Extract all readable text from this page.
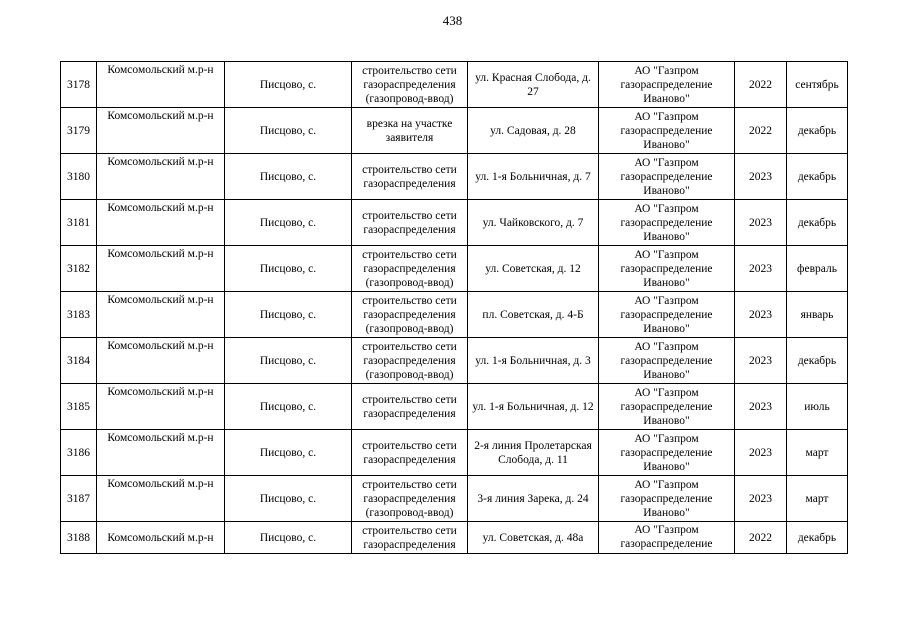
438
3178	Комсомольский м.р-н	Писцово, с.	строительство сети газораспределения (газопровод-ввод)	ул. Красная Слобода, д. 27	АО "Газпром газораспределение Иваново"	2022	сентябрь
3179	Комсомольский м.р-н	Писцово, с.	врезка на участке заявителя	ул. Садовая, д. 28	АО "Газпром газораспределение Иваново"	2022	декабрь
3180	Комсомольский м.р-н	Писцово, с.	строительство сети газораспределения	ул. 1-я Больничная, д. 7	АО "Газпром газораспределение Иваново"	2023	декабрь
3181	Комсомольский м.р-н	Писцово, с.	строительство сети газораспределения	ул. Чайковского, д. 7	АО "Газпром газораспределение Иваново"	2023	декабрь
3182	Комсомольский м.р-н	Писцово, с.	строительство сети газораспределения (газопровод-ввод)	ул. Советская, д. 12	АО "Газпром газораспределение Иваново"	2023	февраль
3183	Комсомольский м.р-н	Писцово, с.	строительство сети газораспределения (газопровод-ввод)	пл. Советская, д. 4-Б	АО "Газпром газораспределение Иваново"	2023	январь
3184	Комсомольский м.р-н	Писцово, с.	строительство сети газораспределения (газопровод-ввод)	ул. 1-я Больничная, д. 3	АО "Газпром газораспределение Иваново"	2023	декабрь
3185	Комсомольский м.р-н	Писцово, с.	строительство сети газораспределения	ул. 1-я Больничная, д. 12	АО "Газпром газораспределение Иваново"	2023	июль
3186	Комсомольский м.р-н	Писцово, с.	строительство сети газораспределения	2-я линия Пролетарская Слобода, д. 11	АО "Газпром газораспределение Иваново"	2023	март
3187	Комсомольский м.р-н	Писцово, с.	строительство сети газораспределения (газопровод-ввод)	3-я линия Зарека, д. 24	АО "Газпром газораспределение Иваново"	2023	март
3188	Комсомольский м.р-н	Писцово, с.	строительство сети газораспределения	ул. Советская, д. 48а	АО "Газпром газораспределение	2022	декабрь
